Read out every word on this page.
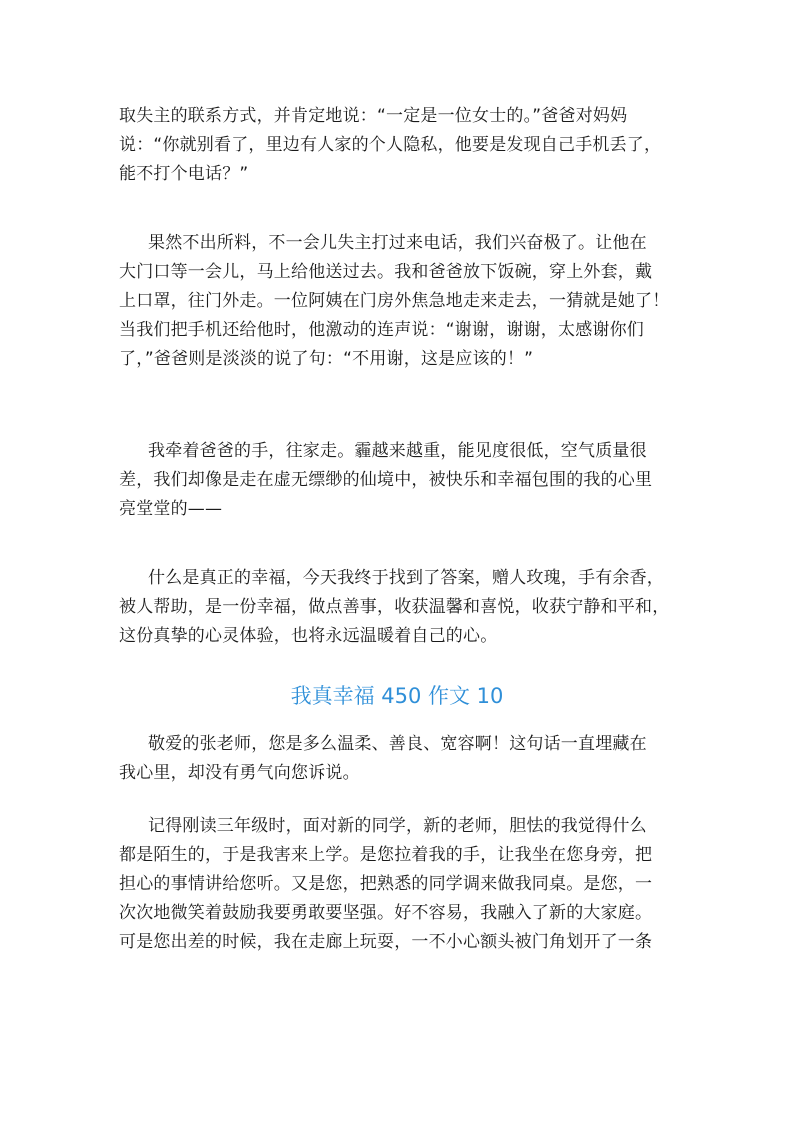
取失主的联系方式，并肯定地说：“一定是一位女士的。”爸爸对妈妈
说：“你就别看了，里边有人家的个人隐私，他要是发现自己手机丢了，
能不打个电话？”

果然不出所料，不一会儿失主打过来电话，我们兴奋极了。让他在
大门口等一会儿，马上给他送过去。我和爸爸放下饭碗，穿上外套，戴
上口罩，往门外走。一位阿姨在门房外焦急地走来走去，一猜就是她了！
当我们把手机还给他时，他激动的连声说：“谢谢，谢谢，太感谢你们
了，”爸爸则是淡淡的说了句：“不用谢，这是应该的！”

我牵着爸爸的手，往家走。霾越来越重，能见度很低，空气质量很
差，我们却像是走在虚无缥缈的仙境中，被快乐和幸福包围的我的心里
亮堂堂的——

什么是真正的幸福，今天我终于找到了答案，赠人玫瑰，手有余香，
被人帮助，是一份幸福，做点善事，收获温馨和喜悦，收获宁静和平和，
这份真挚的心灵体验，也将永远温暖着自己的心。

我真幸福 450 作文 10

敬爱的张老师，您是多么温柔、善良、宽容啊！这句话一直埋藏在
我心里，却没有勇气向您诉说。

记得刚读三年级时，面对新的同学，新的老师，胆怯的我觉得什么
都是陌生的，于是我害来上学。是您拉着我的手，让我坐在您身旁，把
担心的事情讲给您听。又是您，把熟悉的同学调来做我同桌。是您，一
次次地微笑着鼓励我要勇敢要坚强。好不容易，我融入了新的大家庭。
可是您出差的时候，我在走廊上玩耍，一不小心额头被门角划开了一条
